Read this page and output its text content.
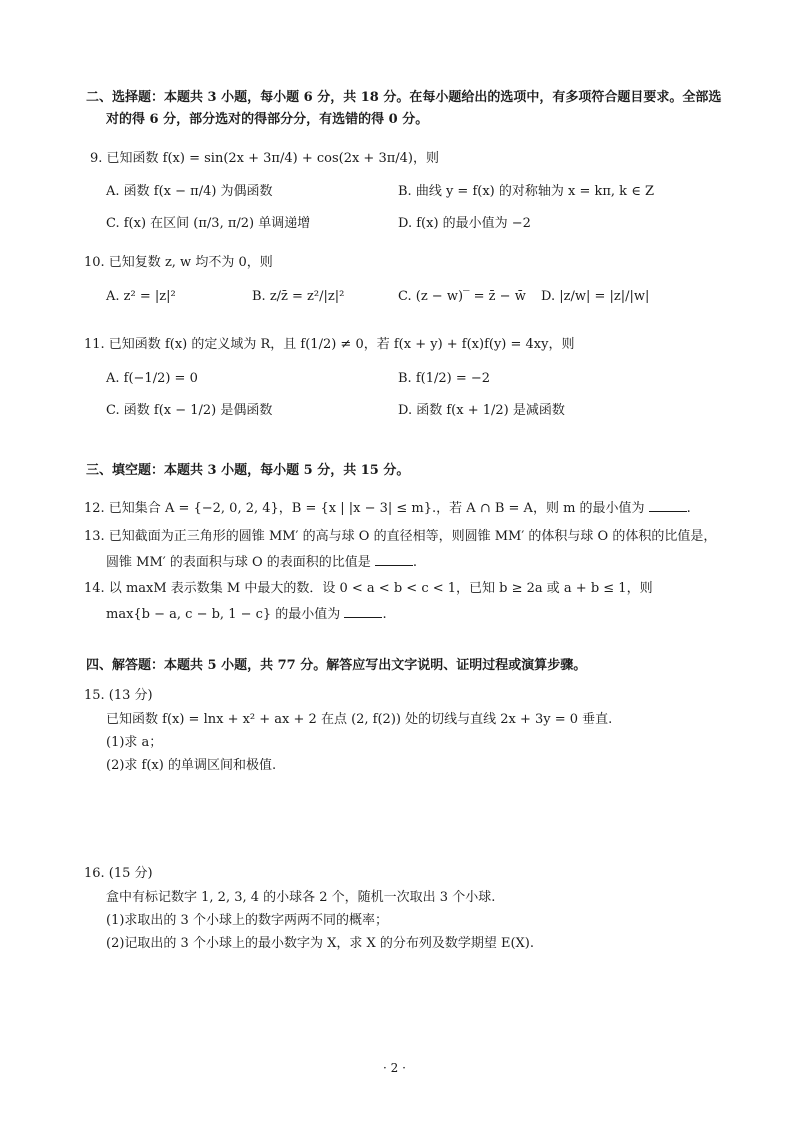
二、选择题：本题共 3 小题，每小题 6 分，共 18 分。在每小题给出的选项中，有多项符合题目要求。全部选
对的得 6 分，部分选对的得部分分，有选错的得 0 分。
9. 已知函数 f(x) = sin(2x + 3π/4) + cos(2x + 3π/4)，则
A. 函数 f(x − π/4) 为偶函数	B. 曲线 y = f(x) 的对称轴为 x = kπ, k ∈ Z
C. f(x) 在区间 (π/3, π/2) 单调递增	D. f(x) 的最小值为 −2
10. 已知复数 z, w 均不为 0，则
A. z² = |z|²	B. z/z̄ = z²/|z|²	C. (z − w)‾ = z̄ − w̄ D. |z/w| = |z|/|w|
11. 已知函数 f(x) 的定义域为 R，且 f(1/2) ≠ 0，若 f(x + y) + f(x)f(y) = 4xy，则
A. f(−1/2) = 0	B. f(1/2) = −2
C. 函数 f(x − 1/2) 是偶函数	D. 函数 f(x + 1/2) 是减函数
三、填空题：本题共 3 小题，每小题 5 分，共 15 分。
12. 已知集合 A = {−2, 0, 2, 4}，B = {x | |x − 3| ≤ m}.，若 A ∩ B = A，则 m 的最小值为	.
13. 已知截面为正三角形的圆锥 MM′ 的高与球 O 的直径相等，则圆锥 MM′ 的体积与球 O 的体积的比值是，
圆锥 MM′ 的表面积与球 O 的表面积的比值是	.
14. 以 maxM 表示数集 M 中最大的数．设 0 < a < b < c < 1，已知 b ≥ 2a 或 a + b ≤ 1，则
max{b − a, c − b, 1 − c} 的最小值为	.
四、解答题：本题共 5 小题，共 77 分。解答应写出文字说明、证明过程或演算步骤。
15. (13 分)
已知函数 f(x) = lnx + x² + ax + 2 在点 (2, f(2)) 处的切线与直线 2x + 3y = 0 垂直.
(1)求 a；
(2)求 f(x) 的单调区间和极值.
16. (15 分)
盒中有标记数字 1, 2, 3, 4 的小球各 2 个，随机一次取出 3 个小球.
(1)求取出的 3 个小球上的数字两两不同的概率；
(2)记取出的 3 个小球上的最小数字为 X，求 X 的分布列及数学期望 E(X).
· 2 ·
